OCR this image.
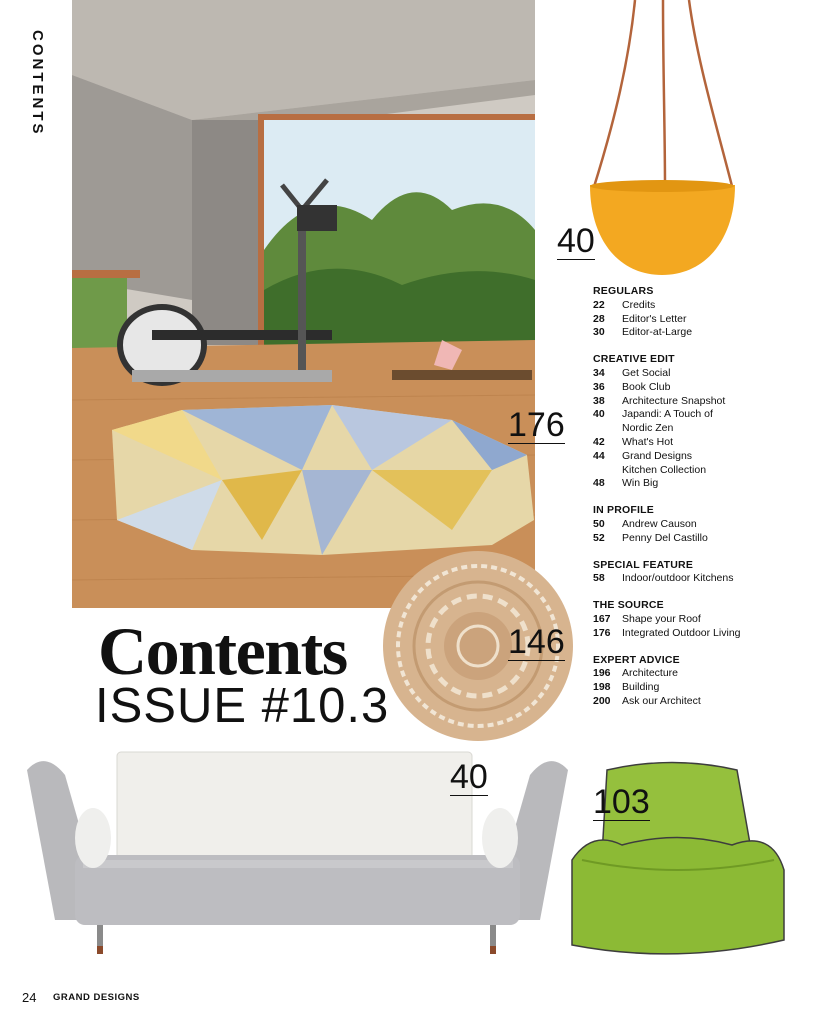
CONTENTS
40
176
146
40
103
REGULARS
22	Credits
28	Editor's Letter
30	Editor-at-Large
CREATIVE EDIT
34	Get Social
36	Book Club
38	Architecture Snapshot
40	Japandi: A Touch of
Nordic Zen
42	What's Hot
44	Grand Designs
Kitchen Collection
48	Win Big
IN PROFILE
50	Andrew Causon
52	Penny Del Castillo
SPECIAL FEATURE
58	Indoor/outdoor Kitchens
THE SOURCE
167	Shape your Roof
176	Integrated Outdoor Living
EXPERT ADVICE
196	Architecture
198	Building
200	Ask our Architect
Contents
ISSUE #10.3
24 GRAND DESIGNS
